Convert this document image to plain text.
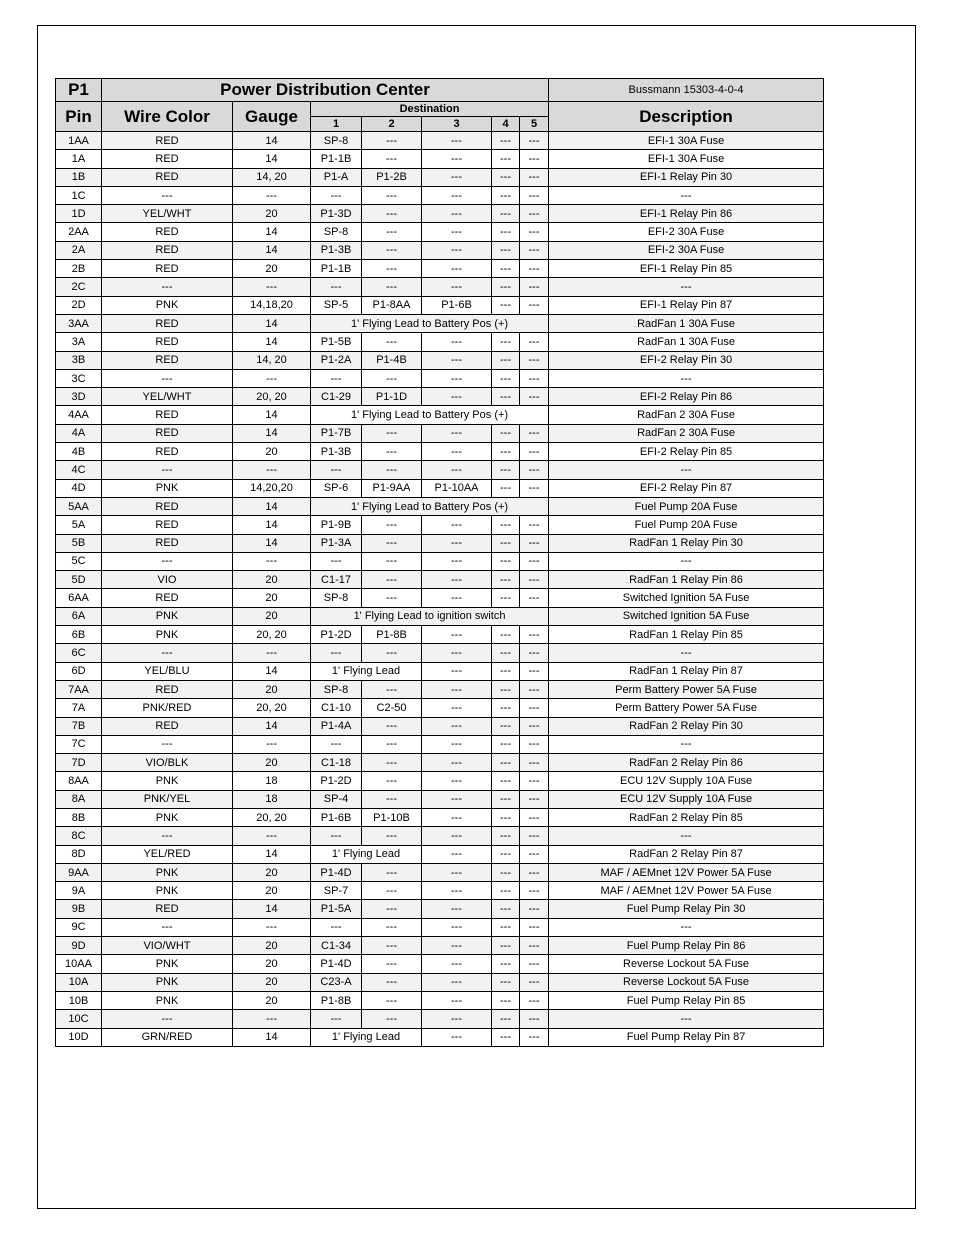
P1	Power Distribution Center							Bussmann 15303-4-0-4
Pin	Wire Color	Gauge	Destination					Description
			1	2	3	4	5	
1AA	RED	14	SP-8	---	---	---	---	EFI-1 30A Fuse
1A	RED	14	P1-1B	---	---	---	---	EFI-1 30A Fuse
1B	RED	14, 20	P1-A	P1-2B	---	---	---	EFI-1 Relay Pin 30
1C	---	---	---	---	---	---	---	---
1D	YEL/WHT	20	P1-3D	---	---	---	---	EFI-1 Relay Pin 86
2AA	RED	14	SP-8	---	---	---	---	EFI-2 30A Fuse
2A	RED	14	P1-3B	---	---	---	---	EFI-2 30A Fuse
2B	RED	20	P1-1B	---	---	---	---	EFI-1 Relay Pin 85
2C	---	---	---	---	---	---	---	---
2D	PNK	14,18,20	SP-5	P1-8AA	P1-6B	---	---	EFI-1 Relay Pin 87
3AA	RED	14	1' Flying Lead to Battery Pos (+)					RadFan 1 30A Fuse
3A	RED	14	P1-5B	---	---	---	---	RadFan 1 30A Fuse
3B	RED	14, 20	P1-2A	P1-4B	---	---	---	EFI-2 Relay Pin 30
3C	---	---	---	---	---	---	---	---
3D	YEL/WHT	20, 20	C1-29	P1-1D	---	---	---	EFI-2 Relay Pin 86
4AA	RED	14	1' Flying Lead to Battery Pos (+)					RadFan 2 30A Fuse
4A	RED	14	P1-7B	---	---	---	---	RadFan 2 30A Fuse
4B	RED	20	P1-3B	---	---	---	---	EFI-2 Relay Pin 85
4C	---	---	---	---	---	---	---	---
4D	PNK	14,20,20	SP-6	P1-9AA	P1-10AA	---	---	EFI-2 Relay Pin 87
5AA	RED	14	1' Flying Lead to Battery Pos (+)					Fuel Pump 20A Fuse
5A	RED	14	P1-9B	---	---	---	---	Fuel Pump 20A Fuse
5B	RED	14	P1-3A	---	---	---	---	RadFan 1 Relay Pin 30
5C	---	---	---	---	---	---	---	---
5D	VIO	20	C1-17	---	---	---	---	RadFan 1 Relay Pin 86
6AA	RED	20	SP-8	---	---	---	---	Switched Ignition 5A Fuse
6A	PNK	20	1' Flying Lead to ignition switch					Switched Ignition 5A Fuse
6B	PNK	20, 20	P1-2D	P1-8B	---	---	---	RadFan 1 Relay Pin 85
6C	---	---	---	---	---	---	---	---
6D	YEL/BLU	14	1' Flying Lead		---	---	---	RadFan 1 Relay Pin 87
7AA	RED	20	SP-8	---	---	---	---	Perm Battery Power 5A Fuse
7A	PNK/RED	20, 20	C1-10	C2-50	---	---	---	Perm Battery Power 5A Fuse
7B	RED	14	P1-4A	---	---	---	---	RadFan 2 Relay Pin 30
7C	---	---	---	---	---	---	---	---
7D	VIO/BLK	20	C1-18	---	---	---	---	RadFan 2 Relay Pin 86
8AA	PNK	18	P1-2D	---	---	---	---	ECU 12V Supply 10A Fuse
8A	PNK/YEL	18	SP-4	---	---	---	---	ECU 12V Supply 10A Fuse
8B	PNK	20, 20	P1-6B	P1-10B	---	---	---	RadFan 2 Relay Pin 85
8C	---	---	---	---	---	---	---	---
8D	YEL/RED	14	1' Flying Lead		---	---	---	RadFan 2 Relay Pin 87
9AA	PNK	20	P1-4D	---	---	---	---	MAF / AEMnet 12V Power 5A Fuse
9A	PNK	20	SP-7	---	---	---	---	MAF / AEMnet 12V Power 5A Fuse
9B	RED	14	P1-5A	---	---	---	---	Fuel Pump Relay Pin 30
9C	---	---	---	---	---	---	---	---
9D	VIO/WHT	20	C1-34	---	---	---	---	Fuel Pump Relay Pin 86
10AA	PNK	20	P1-4D	---	---	---	---	Reverse Lockout 5A Fuse
10A	PNK	20	C23-A	---	---	---	---	Reverse Lockout 5A Fuse
10B	PNK	20	P1-8B	---	---	---	---	Fuel Pump Relay Pin 85
10C	---	---	---	---	---	---	---	---
10D	GRN/RED	14	1' Flying Lead		---	---	---	Fuel Pump Relay Pin 87
